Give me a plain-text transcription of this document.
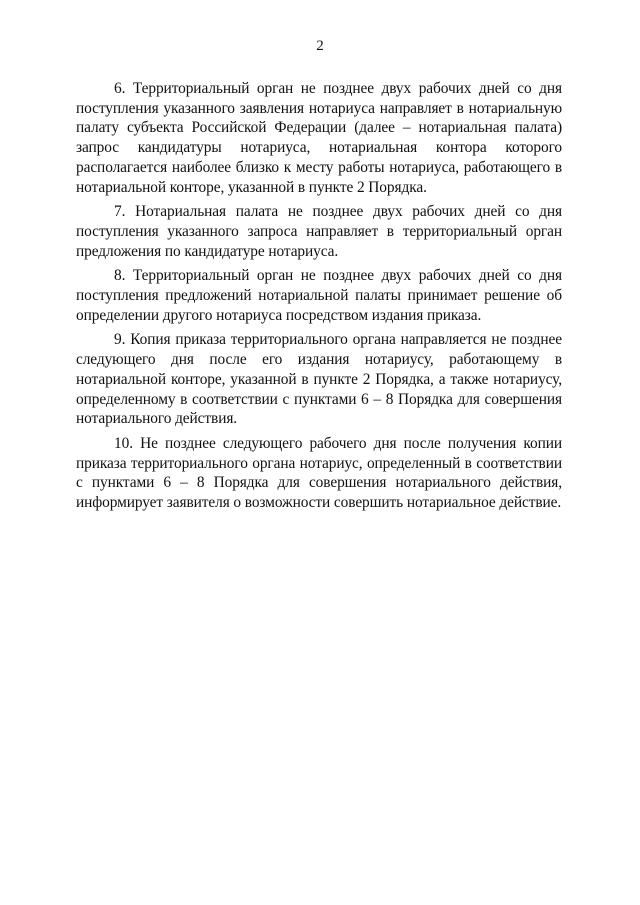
2

6. Территориальный орган не позднее двух рабочих дней со дня поступления указанного заявления нотариуса направляет в нотариальную палату субъекта Российской Федерации (далее – нотариальная палата) запрос кандидатуры нотариуса, нотариальная контора которого располагается наиболее близко к месту работы нотариуса, работающего в нотариальной конторе, указанной в пункте 2 Порядка.

7. Нотариальная палата не позднее двух рабочих дней со дня поступления указанного запроса направляет в территориальный орган предложения по кандидатуре нотариуса.

8. Территориальный орган не позднее двух рабочих дней со дня поступления предложений нотариальной палаты принимает решение об определении другого нотариуса посредством издания приказа.

9. Копия приказа территориального органа направляется не позднее следующего дня после его издания нотариусу, работающему в нотариальной конторе, указанной в пункте 2 Порядка, а также нотариусу, определенному в соответствии с пунктами 6 – 8 Порядка для совершения нотариального действия.

10. Не позднее следующего рабочего дня после получения копии приказа территориального органа нотариус, определенный в соответствии с пунктами 6 – 8 Порядка для совершения нотариального действия, информирует заявителя о возможности совершить нотариальное действие.
